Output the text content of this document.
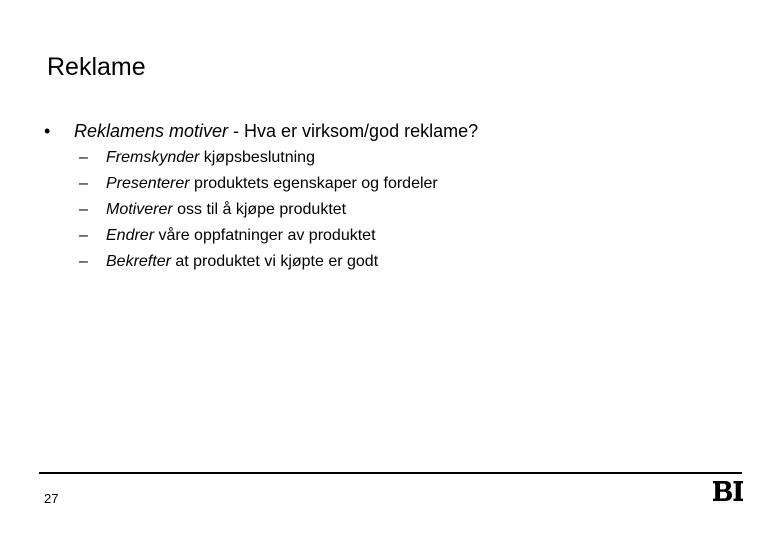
Reklame
• Reklamens motiver - Hva er virksom/god reklame?
– Fremskynder kjøpsbeslutning
– Presenterer produktets egenskaper og fordeler
– Motiverer oss til å kjøpe produktet
– Endrer våre oppfatninger av produktet
– Bekrefter at produktet vi kjøpte er godt
27
